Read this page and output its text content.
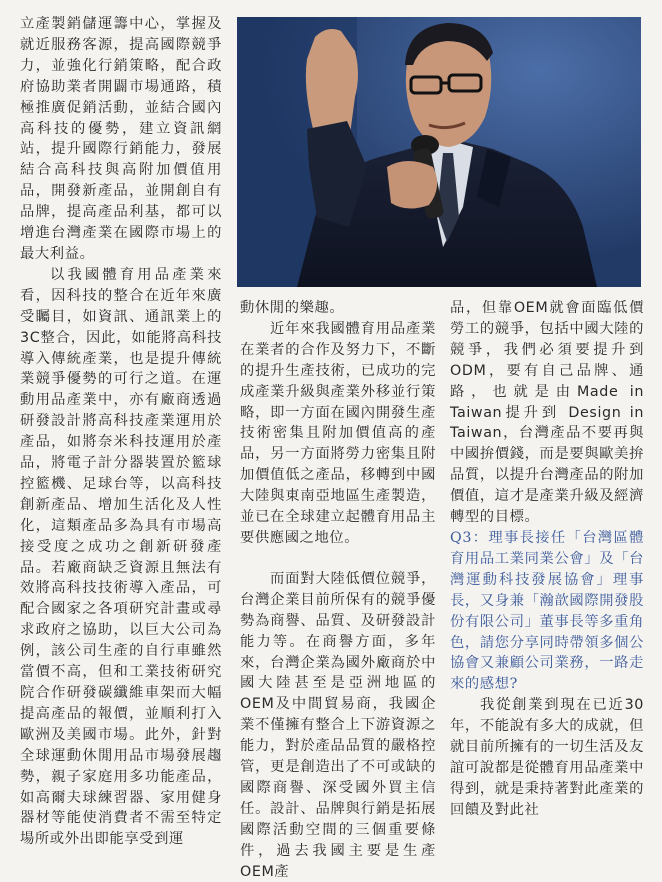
立產製銷儲運籌中心，掌握及就近服務客源，提高國際競爭力，並強化行銷策略，配合政府協助業者開闢市場通路，積極推廣促銷活動，並結合國內高科技的優勢，建立資訊網站，提升國際行銷能力，發展結合高科技與高附加價值用品，開發新產品，並開創自有品牌，提高產品利基，都可以增進台灣產業在國際市場上的最大利益。

以我國體育用品產業來看，因科技的整合在近年來廣受矚目，如資訊、通訊業上的3C整合，因此，如能將高科技導入傳統產業，也是提升傳統業競爭優勢的可行之道。在運動用品產業中，亦有廠商透過研發設計將高科技產業運用於產品，如將奈米科技運用於產品，將電子計分器裝置於籃球控籃機、足球台等，以高科技創新產品、增加生活化及人性化，這類產品多為具有市場高接受度之成功之創新研發產品。若廠商缺乏資源且無法有效將高科技技術導入產品，可配合國家之各項研究計畫或尋求政府之協助，以巨大公司為例，該公司生產的自行車雖然當價不高，但和工業技術研究院合作研發碳纖維車架而大幅提高產品的報價，並順利打入歐洲及美國市場。此外，針對全球運動休閒用品市場發展趨勢，親子家庭用多功能產品，如高爾夫球練習器、家用健身器材等能使消費者不需至特定場所或外出即能享受到運

動休閒的樂趣。

近年來我國體育用品產業在業者的合作及努力下，不斷的提升生產技術，已成功的完成產業升級與產業外移並行策略，即一方面在國內開發生產技術密集且附加價值高的產品，另一方面將勞力密集且附加價值低之產品，移轉到中國大陸與東南亞地區生產製造，並已在全球建立起體育用品主要供應國之地位。

而面對大陸低價位競爭，台灣企業目前所保有的競爭優勢為商譽、品質、及研發設計能力等。在商譽方面，多年來，台灣企業為國外廠商於中國大陸甚至是亞洲地區的OEM及中間貿易商，我國企業不僅擁有整合上下游資源之能力，對於產品品質的嚴格控管，更是創造出了不可或缺的國際商譽、深受國外買主信任。設計、品牌與行銷是拓展國際活動空間的三個重要條件，過去我國主要是生產OEM產

品，但靠OEM就會面臨低價勞工的競爭，包括中國大陸的競爭，我們必須要提升到ODM，要有自己品牌、通路，也就是由Made in Taiwan提升到 Design in Taiwan，台灣產品不要再與中國拚價錢，而是要與歐美拚品質，以提升台灣產品的附加價值，這才是產業升級及經濟轉型的目標。

Q3：理事長接任「台灣區體育用品工業同業公會」及「台灣運動科技發展協會」理事長，又身兼「瀚歆國際開發股份有限公司」董事長等多重角色，請您分享同時帶領多個公協會又兼顧公司業務，一路走來的感想?

我從創業到現在已近30年，不能說有多大的成就，但就目前所擁有的一切生活及友誼可說都是從體育用品產業中得到，就是秉持著對此產業的回饋及對此社
